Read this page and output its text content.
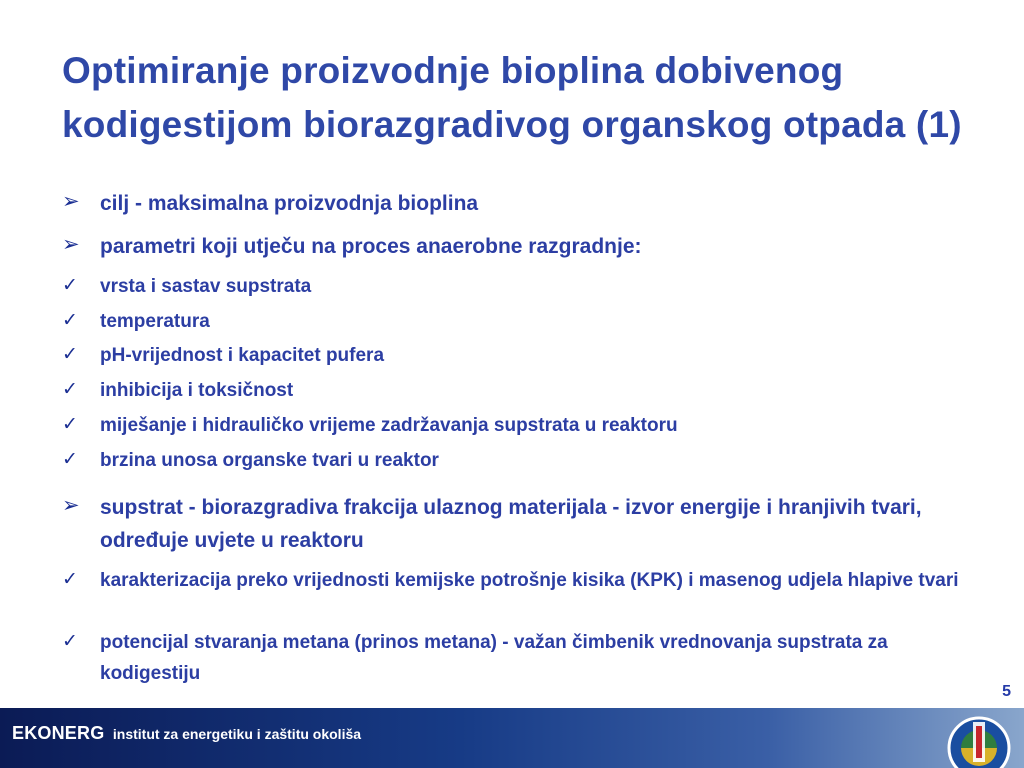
Optimiranje proizvodnje bioplina dobivenog
kodigestijom biorazgradivog organskog otpada (1)
➢ cilj - maksimalna proizvodnja bioplina
➢ parametri koji utječu na proces anaerobne razgradnje:
✓	vrsta i sastav supstrata
✓	temperatura
✓	pH-vrijednost i kapacitet pufera
✓	inhibicija i toksičnost
✓	miješanje i hidrauličko vrijeme zadržavanja supstrata u reaktoru
✓	brzina unosa organske tvari u reaktor
➢ supstrat - biorazgradiva frakcija ulaznog materijala - izvor energije i hranjivih tvari, određuje uvjete u reaktoru
✓	karakterizacija preko vrijednosti kemijske potrošnje kisika (KPK) i masenog udjela hlapive tvari
✓	potencijal stvaranja metana (prinos metana) - važan čimbenik vrednovanja supstrata za kodigestiju
5
EKONERG institut za energetiku i zaštitu okoliša
